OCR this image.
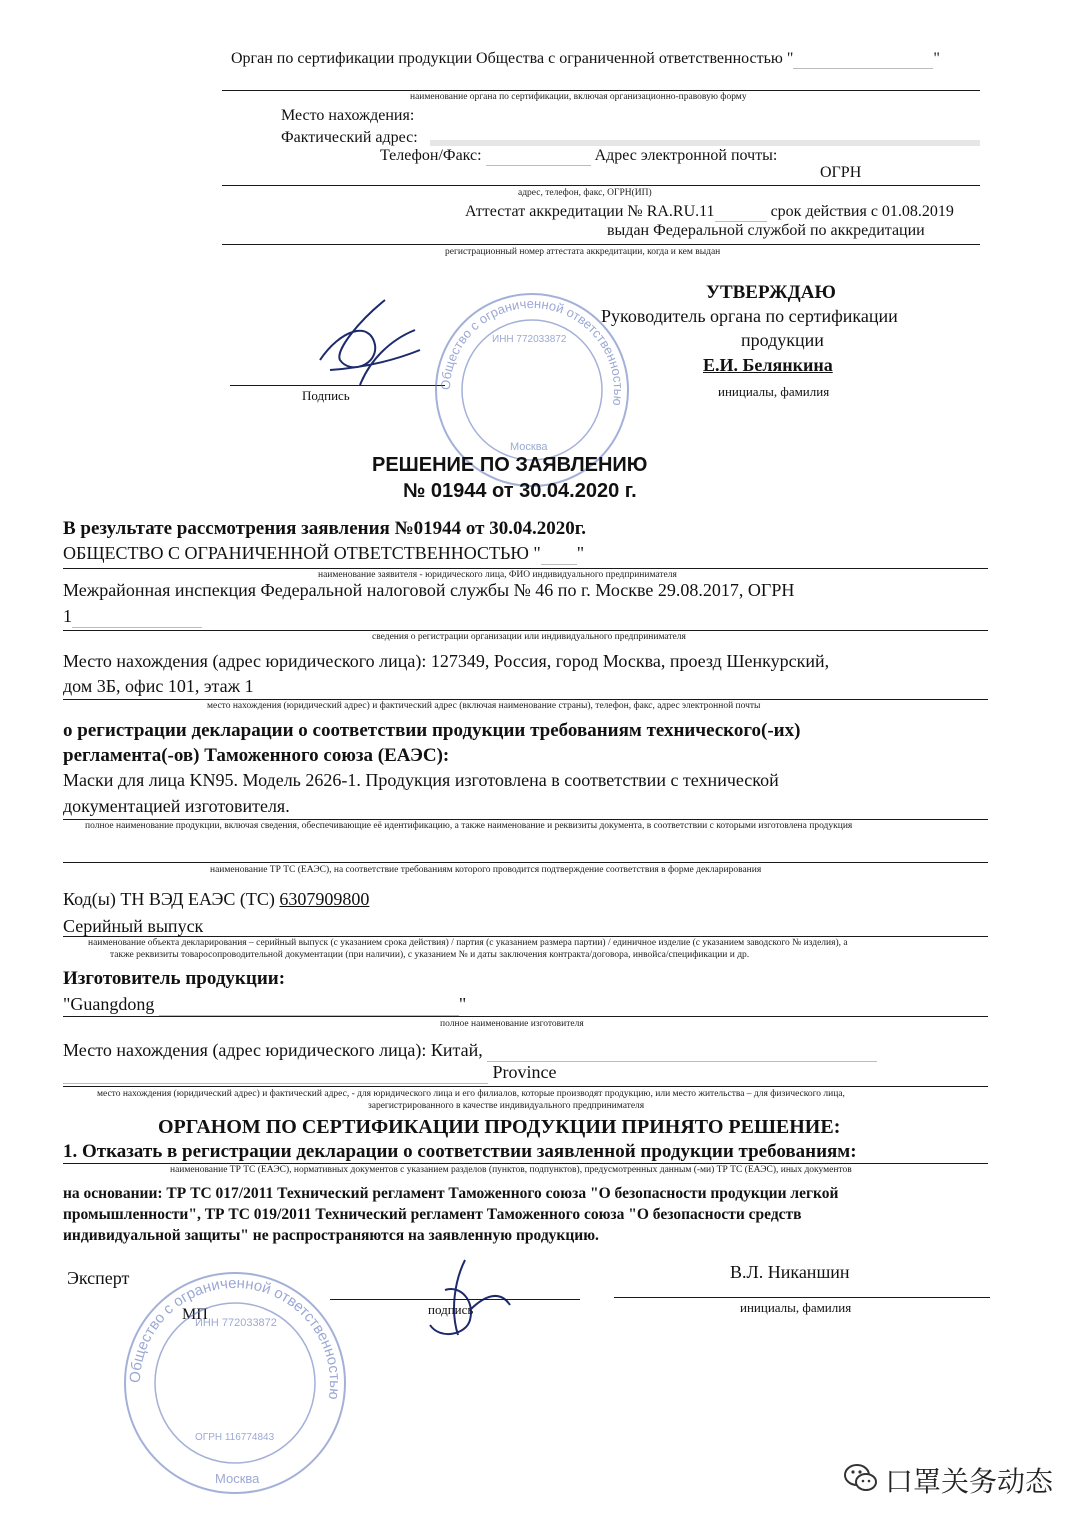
Орган по сертификации продукции Общества с ограниченной ответственностью "	"
наименование органа по сертификации, включая организационно-правовую форму
Место нахождения:
Фактический адрес:
Телефон/Факс:	Адрес электронной почты:
ОГРН
адрес, телефон, факс, ОГРН(ИП)
Аттестат аккредитации № RA.RU.11	срок действия с 01.08.2019
выдан Федеральной службой по аккредитации
регистрационный номер аттестата аккредитации, когда и кем выдан
УТВЕРЖДАЮ
Руководитель органа по сертификации
продукции
Е.И. Белянкина
инициалы, фамилия
Подпись
Общество с ограниченной ответственностью
ИНН 772033872
Москва
РЕШЕНИЕ ПО ЗАЯВЛЕНИЮ
№ 01944 от 30.04.2020 г.
В результате рассмотрения заявления №01944 от 30.04.2020г.
ОБЩЕСТВО С ОГРАНИЧЕННОЙ ОТВЕТСТВЕННОСТЬЮ " "
наименование заявителя - юридического лица, ФИО индивидуального предпринимателя
Межрайонная инспекция Федеральной налоговой службы № 46 по г. Москве 29.08.2017, ОГРН
1
сведения о регистрации организации или индивидуального предпринимателя
Место нахождения (адрес юридического лица): 127349, Россия, город Москва, проезд Шенкурский,
дом 3Б, офис 101, этаж 1
место нахождения (юридический адрес) и фактический адрес (включая наименование страны), телефон, факс, адрес электронной почты
о регистрации декларации о соответствии продукции требованиям технического(-их)
регламента(-ов) Таможенного союза (ЕАЭС):
Маски для лица KN95. Модель 2626-1. Продукция изготовлена в соответствии с технической
документацией изготовителя.
полное наименование продукции, включая сведения, обеспечивающие её идентификацию, а также наименование и реквизиты документа, в соответствии с которыми изготовлена продукция
наименование ТР ТС (ЕАЭС), на соответствие требованиям которого проводится подтверждение соответствия в форме декларирования
Код(ы) ТН ВЭД ЕАЭС (ТС) 6307909800
Серийный выпуск
наименование объекта декларирования – серийный выпуск (с указанием срока действия) / партия (с указанием размера партии) / единичное изделие (с указанием заводского № изделия), а
также реквизиты товаросопроводительной документации (при наличии), с указанием № и даты заключения контракта/договора, инвойса/спецификации и др.
Изготовитель продукции:
"Guangdong	"
полное наименование изготовителя
Место нахождения (адрес юридического лица): Китай,
Province
место нахождения (юридический адрес) и фактический адрес, - для юридического лица и его филиалов, которые производят продукцию, или место жительства – для физического лица,
зарегистрированного в качестве индивидуального предпринимателя
ОРГАНОМ ПО СЕРТИФИКАЦИИ ПРОДУКЦИИ ПРИНЯТО РЕШЕНИЕ:
1. Отказать в регистрации декларации о соответствии заявленной продукции требованиям:
наименование ТР ТС (ЕАЭС), нормативных документов с указанием разделов (пунктов, подпунктов), предусмотренных данным (-ми) ТР ТС (ЕАЭС), иных документов
на основании: ТР ТС 017/2011 Технический регламент Таможенного союза "О безопасности продукции легкой
промышленности", ТР ТС 019/2011 Технический регламент Таможенного союза "О безопасности средств
индивидуальной защиты" не распространяются на заявленную продукцию.
Эксперт
МП	подпись
В.Л. Никаншин
инициалы, фамилия
Общество с ограниченной ответственностью
ИНН 772033872
ОГРН 116774843
Москва	口罩关务动态
